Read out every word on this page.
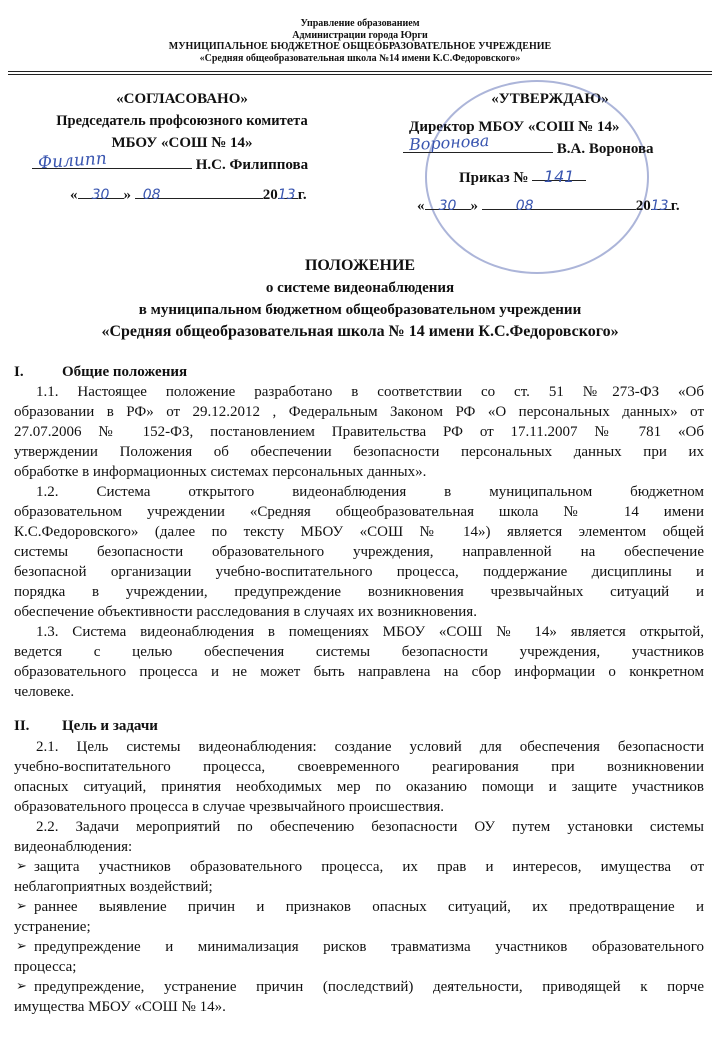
Управление образованием
Администрации города Юрги
МУНИЦИПАЛЬНОЕ БЮДЖЕТНОЕ ОБЩЕОБРАЗОВАТЕЛЬНОЕ УЧРЕЖДЕНИЕ
«Средняя общеобразовательная школа №14 имени К.С.Федоровского»
«СОГЛАСОВАНО»
Председатель профсоюзного комитета
МБОУ «СОШ № 14»
Н.С. Филиппова
Филипп
« 30 » 08	2013 г.
«УТВЕРЖДАЮ»
Директор МБОУ «СОШ № 14»
В.А. Воронова
Воронова
Приказ № 141
« 30 »	08	2013 г.
ПОЛОЖЕНИЕ
о системе видеонаблюдения
в муниципальном бюджетном общеобразовательном учреждении
«Средняя общеобразовательная школа № 14 имени К.С.Федоровского»
I.	Общие положения
1.1. Настоящее положение разработано в соответствии со ст. 51 №273-ФЗ «Об
образовании в РФ» от 29.12.2012 , Федеральным Законом РФ «О персональных данных» от
27.07.2006 № 152-ФЗ, постановлением Правительства РФ от 17.11.2007 № 781 «Об
утверждении Положения об обеспечении безопасности персональных данных при их
обработке в информационных системах персональных данных».
1.2. Система открытого видеонаблюдения в муниципальном бюджетном
образовательном учреждении «Средняя общеобразовательная школа № 14 имени
К.С.Федоровского» (далее по тексту МБОУ «СОШ № 14») является элементом общей
системы безопасности образовательного учреждения, направленной на обеспечение
безопасной организации учебно-воспитательного процесса, поддержание дисциплины и
порядка в учреждении, предупреждение возникновения чрезвычайных ситуаций и
обеспечение объективности расследования в случаях их возникновения.
1.3. Система видеонаблюдения в помещениях МБОУ «СОШ № 14» является открытой,
ведется с целью обеспечения системы безопасности учреждения, участников
образовательного процесса и не может быть направлена на сбор информации о конкретном
человеке.
II. Цель и задачи
2.1. Цель системы видеонаблюдения: создание условий для обеспечения безопасности
учебно-воспитательного процесса, своевременного реагирования при возникновении
опасных ситуаций, принятия необходимых мер по оказанию помощи и защите участников
образовательного процесса в случае чрезвычайного происшествия.
2.2. Задачи мероприятий по обеспечению безопасности ОУ путем установки системы
видеонаблюдения:
➢ защита участников образовательного процесса, их прав и интересов, имущества от
неблагоприятных воздействий;
➢ раннее выявление причин и признаков опасных ситуаций, их предотвращение и
устранение;
➢ предупреждение и минимализация рисков травматизма участников образовательного
процесса;
➢ предупреждение, устранение причин (последствий) деятельности, приводящей к порче
имущества МБОУ «СОШ № 14».
